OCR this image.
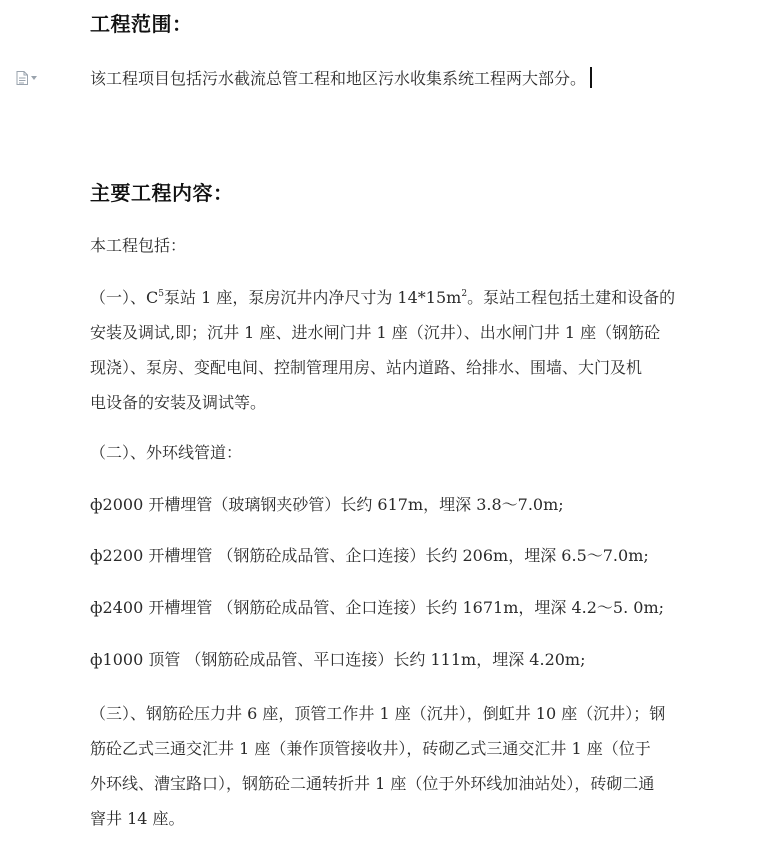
工程范围：

该工程项目包括污水截流总管工程和地区污水收集系统工程两大部分。

主要工程内容：

本工程包括：

（一）、$C^5$泵站 1 座，泵房沉井内净尺寸为 $14*15m^2$。泵站工程包括土建和设备的
安装及调试,即；沉井 1 座、进水闸门井 1 座（沉井）、出水闸门井 1 座（钢筋砼
现浇）、泵房、变配电间、控制管理用房、站内道路、给排水、围墙、大门及机
电设备的安装及调试等。

（二）、外环线管道：

ф2000 开槽埋管（玻璃钢夹砂管）长约 617m，埋深 3.8～7.0m;

ф2200 开槽埋管 （钢筋砼成品管、企口连接）长约 206m，埋深 6.5～7.0m;

ф2400 开槽埋管 （钢筋砼成品管、企口连接）长约 1671m，埋深 4.2～5. 0m;

ф1000 顶管 （钢筋砼成品管、平口连接）长约 111m，埋深 4.20m;

（三）、钢筋砼压力井 6 座，顶管工作井 1 座（沉井），倒虹井 10 座（沉井）；钢
筋砼乙式三通交汇井 1 座（兼作顶管接收井），砖砌乙式三通交汇井 1 座（位于
外环线、漕宝路口），钢筋砼二通转折井 1 座（位于外环线加油站处），砖砌二通
窨井 14 座。
